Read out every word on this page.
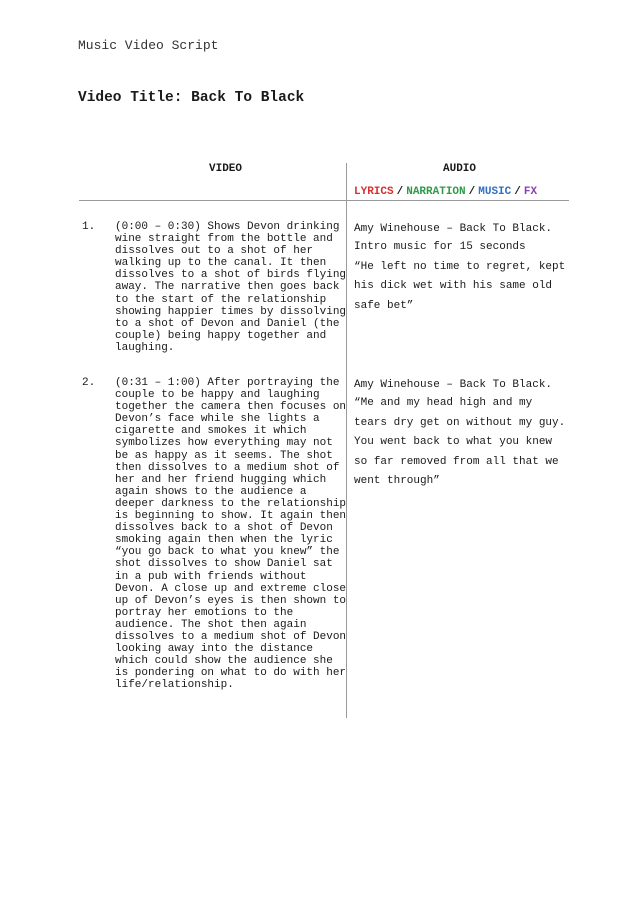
Music Video Script
Video Title: Back To Black
VIDEO	AUDIO
LYRICS / NARRATION / MUSIC / FX
1. (0:00 – 0:30) Shows Devon drinking
wine straight from the bottle and
dissolves out to a shot of her
walking up to the canal. It then
dissolves to a shot of birds flying
away. The narrative then goes back
to the start of the relationship
showing happier times by dissolving
to a shot of Devon and Daniel (the
couple) being happy together and
laughing.
Amy Winehouse – Back To Black.
Intro music for 15 seconds
“He left no time to regret, kept
his dick wet with his same old
safe bet”
2. (0:31 – 1:00) After portraying the
couple to be happy and laughing
together the camera then focuses on
Devon’s face while she lights a
cigarette and smokes it which
symbolizes how everything may not
be as happy as it seems. The shot
then dissolves to a medium shot of
her and her friend hugging which
again shows to the audience a
deeper darkness to the relationship
is beginning to show. It again then
dissolves back to a shot of Devon
smoking again then when the lyric
“you go back to what you knew” the
shot dissolves to show Daniel sat
in a pub with friends without
Devon. A close up and extreme close
up of Devon’s eyes is then shown to
portray her emotions to the
audience. The shot then again
dissolves to a medium shot of Devon
looking away into the distance
which could show the audience she
is pondering on what to do with her
life/relationship.
Amy Winehouse – Back To Black.
“Me and my head high and my
tears dry get on without my guy.
You went back to what you knew
so far removed from all that we
went through”
